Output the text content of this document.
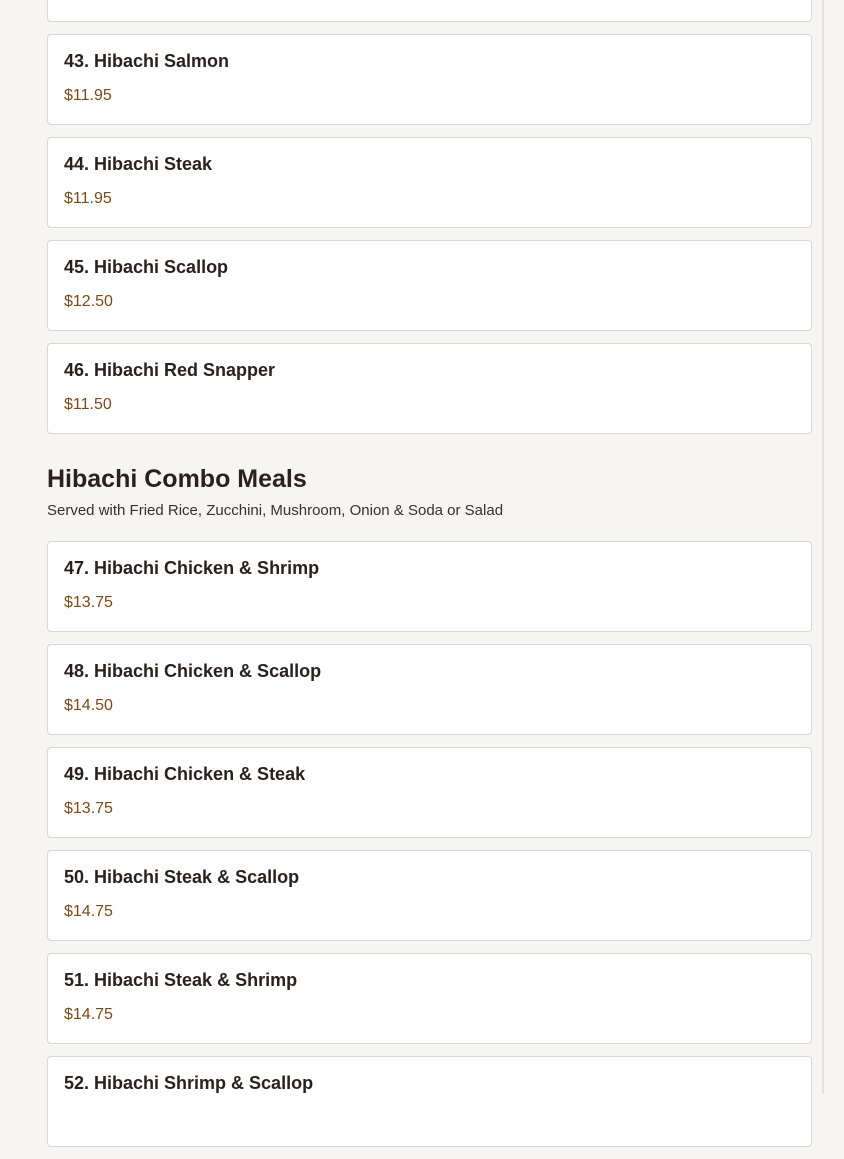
43. Hibachi Salmon
$11.95
44. Hibachi Steak
$11.95
45. Hibachi Scallop
$12.50
46. Hibachi Red Snapper
$11.50
Hibachi Combo Meals
Served with Fried Rice, Zucchini, Mushroom, Onion & Soda or Salad
47. Hibachi Chicken & Shrimp
$13.75
48. Hibachi Chicken & Scallop
$14.50
49. Hibachi Chicken & Steak
$13.75
50. Hibachi Steak & Scallop
$14.75
51. Hibachi Steak & Shrimp
$14.75
52. Hibachi Shrimp & Scallop
